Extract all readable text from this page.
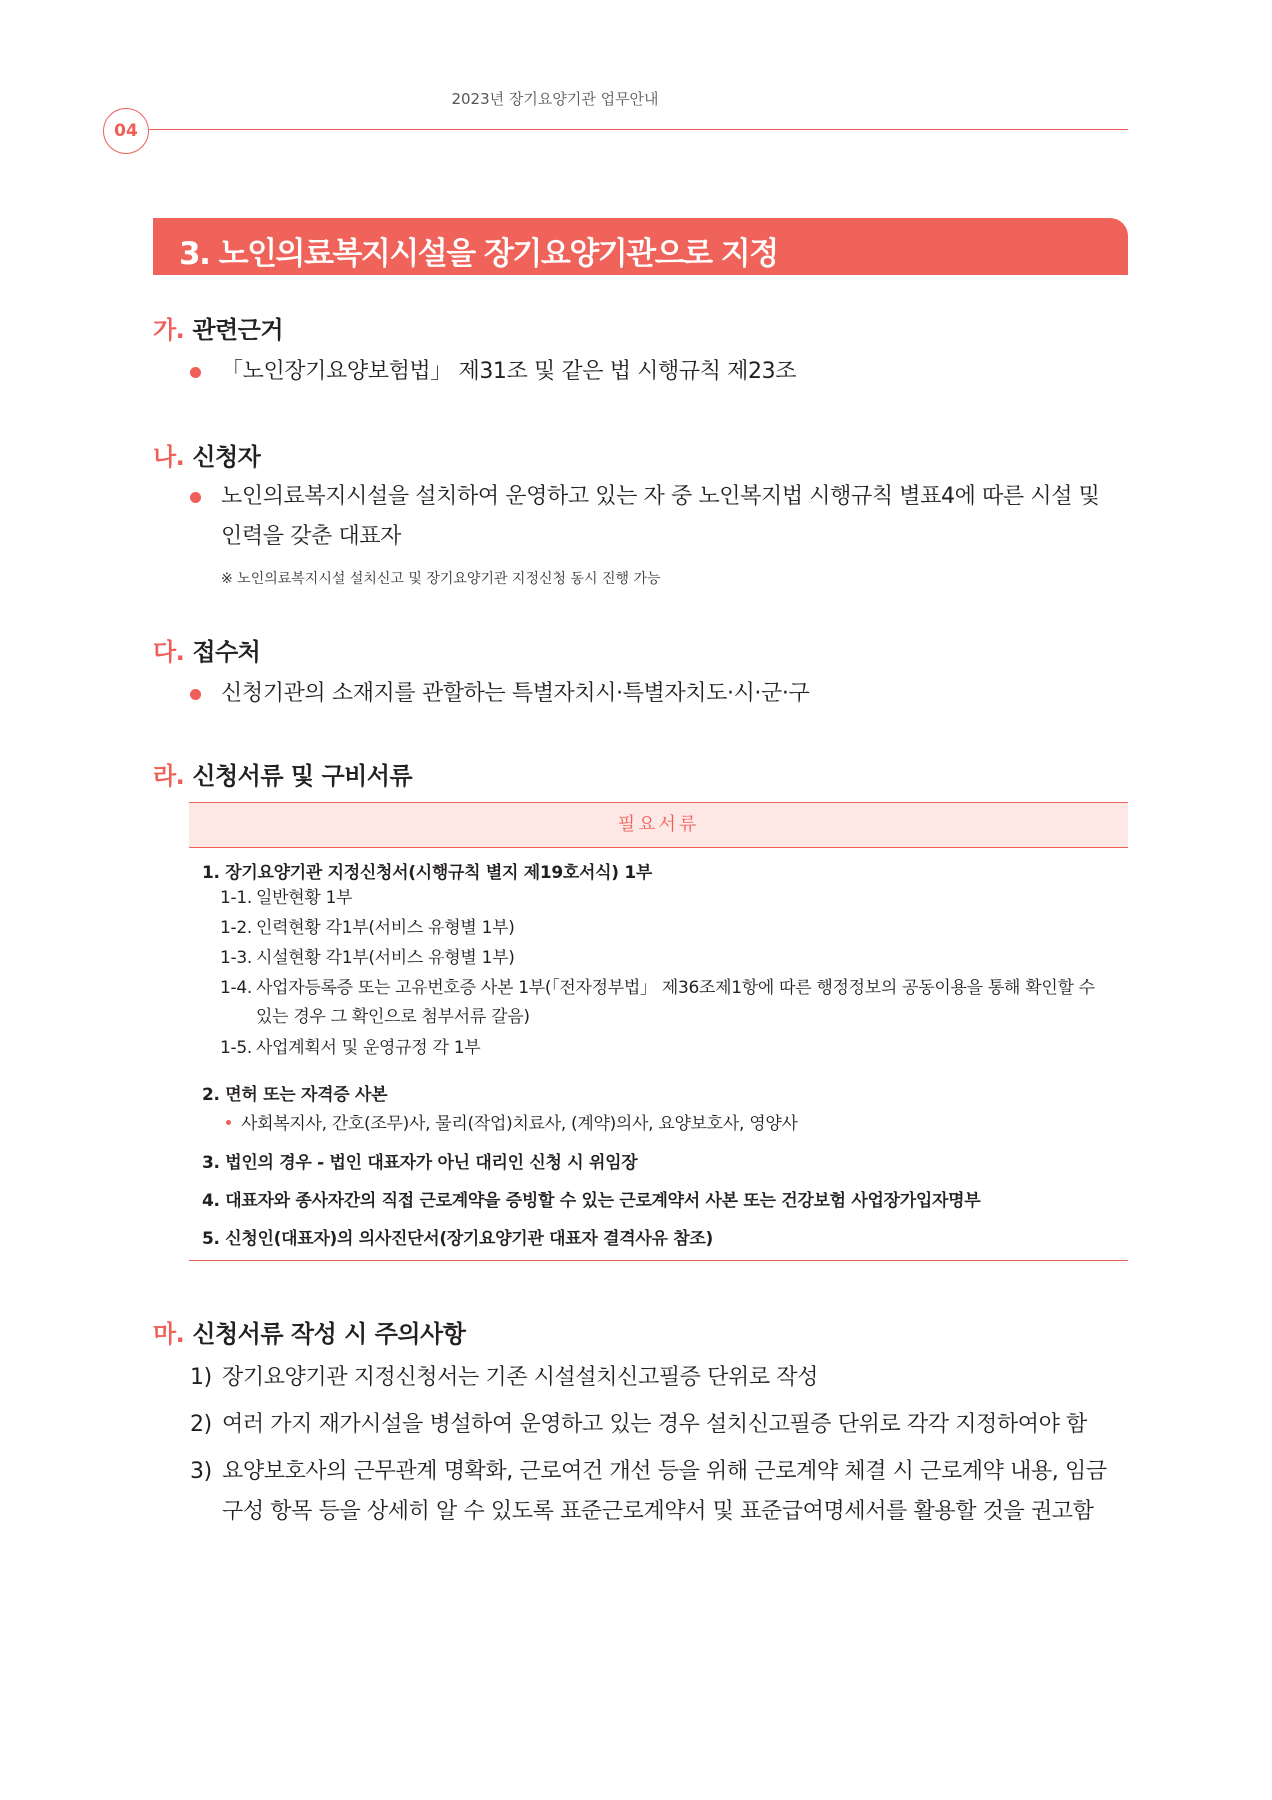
2023년 장기요양기관 업무안내
04
3. 노인의료복지시설을 장기요양기관으로 지정
가. 관련근거
「노인장기요양보험법」 제31조 및 같은 법 시행규칙 제23조
나. 신청자
노인의료복지시설을 설치하여 운영하고 있는 자 중 노인복지법 시행규칙 별표4에 따른 시설 및
인력을 갖춘 대표자
※ 노인의료복지시설 설치신고 및 장기요양기관 지정신청 동시 진행 가능
다. 접수처
신청기관의 소재지를 관할하는 특별자치시·특별자치도·시·군·구
라. 신청서류 및 구비서류
필요서류
1. 장기요양기관 지정신청서(시행규칙 별지 제19호서식) 1부
1-1. 일반현황 1부
1-2. 인력현황 각1부(서비스 유형별 1부)
1-3. 시설현황 각1부(서비스 유형별 1부)
1-4. 사업자등록증 또는 고유번호증 사본 1부(「전자정부법」 제36조제1항에 따른 행정정보의 공동이용을 통해 확인할 수
있는 경우 그 확인으로 첨부서류 갈음)
1-5. 사업계획서 및 운영규정 각 1부
2. 면허 또는 자격증 사본
사회복지사, 간호(조무)사, 물리(작업)치료사, (계약)의사, 요양보호사, 영양사
3. 법인의 경우 - 법인 대표자가 아닌 대리인 신청 시 위임장
4. 대표자와 종사자간의 직접 근로계약을 증빙할 수 있는 근로계약서 사본 또는 건강보험 사업장가입자명부
5. 신청인(대표자)의 의사진단서(장기요양기관 대표자 결격사유 참조)
마. 신청서류 작성 시 주의사항
1) 장기요양기관 지정신청서는 기존 시설설치신고필증 단위로 작성
2) 여러 가지 재가시설을 병설하여 운영하고 있는 경우 설치신고필증 단위로 각각 지정하여야 함
3) 요양보호사의 근무관계 명확화, 근로여건 개선 등을 위해 근로계약 체결 시 근로계약 내용, 임금
구성 항목 등을 상세히 알 수 있도록 표준근로계약서 및 표준급여명세서를 활용할 것을 권고함
